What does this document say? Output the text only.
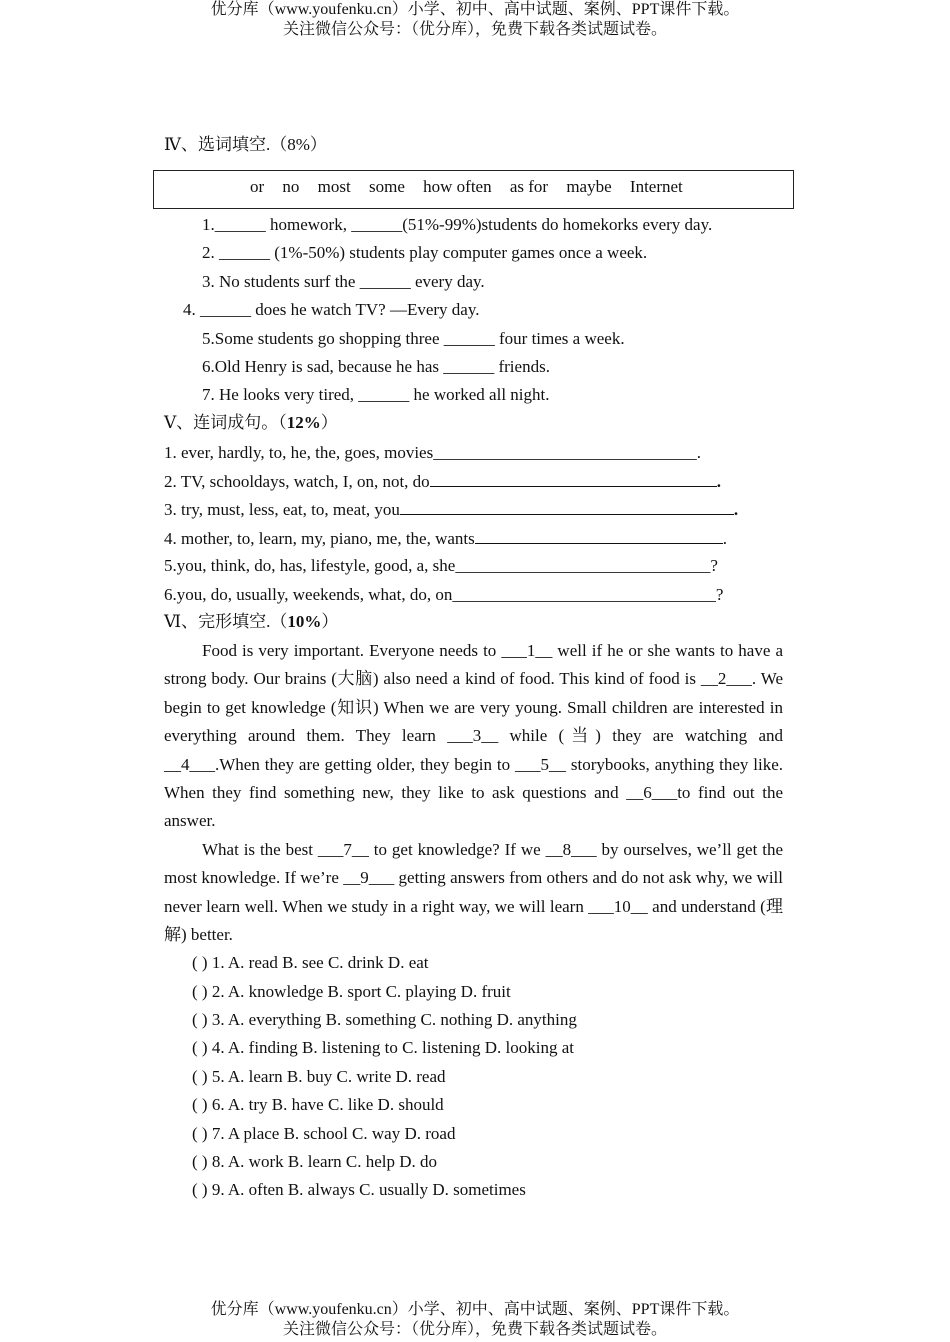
优分库（www.youfenku.cn）小学、初中、高中试题、案例、PPT课件下载。
关注微信公众号：（优分库），免费下载各类试题试卷。
Ⅳ、选词填空.（8%）
or no most some how often as for maybe Internet
1.______ homework, ______(51%-99%)students do homekorks every day.
2. ______ (1%-50%) students play computer games once a week.
3. No students surf the ______ every day.
4. ______ does he watch TV? —Every day.
5.Some students go shopping three ______ four times a week.
6.Old Henry is sad, because he has ______ friends.
7. He looks very tired, ______ he worked all night.
Ⅴ、连词成句。（12%）
1. ever, hardly, to, he, the, goes, movies_______________________________.
2. TV, schooldays, watch, I, on, not, do	.
3. try, must, less, eat, to, meat, you	.
4. mother, to, learn, my, piano, me, the, wants	.
5.you, think, do, has, lifestyle, good, a, she______________________________?
6.you, do, usually, weekends, what, do, on_______________________________?
Ⅵ、完形填空.（10%）

Food is very important. Everyone needs to ___1__ well if he or she wants to have a strong body. Our brains (大脑) also need a kind of food. This kind of food is __2___. We begin to get knowledge (知识) When we are very young. Small children are interested in everything around them. They learn ___3__ while (当) they are watching and __4___.When they are getting older, they begin to ___5__ storybooks, anything they like. When they find something new, they like to ask questions and __6___to find out the answer.

What is the best ___7__ to get knowledge? If we __8___ by ourselves, we’ll get the most knowledge. If we’re __9___ getting answers from others and do not ask why, we will never learn well. When we study in a right way, we will learn ___10__ and understand (理解) better.

( ) 1. A. read B. see C. drink D. eat
( ) 2. A. knowledge B. sport C. playing D. fruit
( ) 3. A. everything B. something C. nothing D. anything
( ) 4. A. finding B. listening to C. listening D. looking at
( ) 5. A. learn B. buy C. write D. read
( ) 6. A. try B. have C. like D. should
( ) 7. A place B. school C. way D. road
( ) 8. A. work B. learn C. help D. do
( ) 9. A. often B. always C. usually D. sometimes
优分库（www.youfenku.cn）小学、初中、高中试题、案例、PPT课件下载。
关注微信公众号：（优分库），免费下载各类试题试卷。
